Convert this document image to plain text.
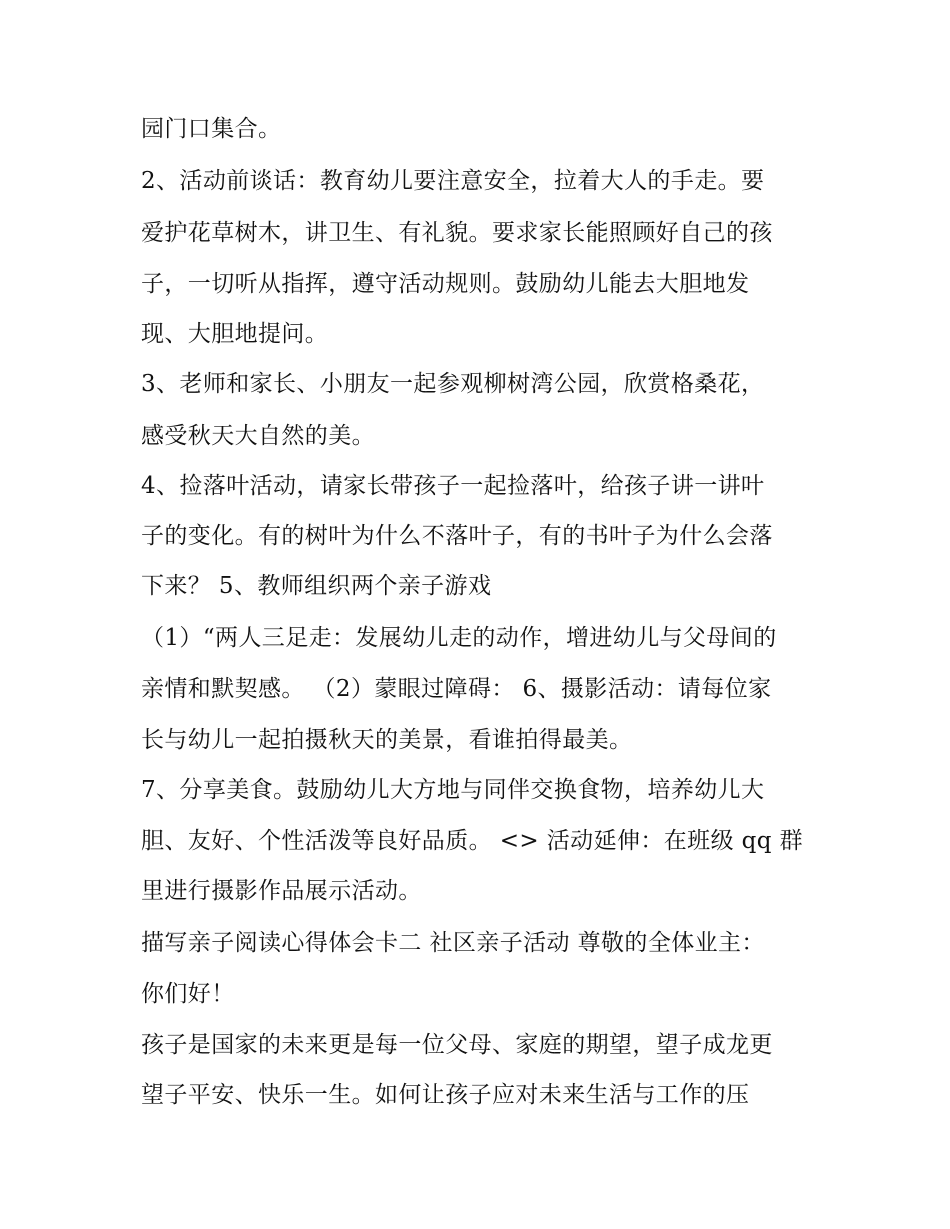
园门口集合。
2、活动前谈话：教育幼儿要注意安全，拉着大人的手走。要
爱护花草树木，讲卫生、有礼貌。要求家长能照顾好自己的孩
子，一切听从指挥，遵守活动规则。鼓励幼儿能去大胆地发
现、大胆地提问。
3、老师和家长、小朋友一起参观柳树湾公园，欣赏格桑花，
感受秋天大自然的美。
4、捡落叶活动，请家长带孩子一起捡落叶，给孩子讲一讲叶
子的变化。有的树叶为什么不落叶子，有的书叶子为什么会落
下来？ 5、教师组织两个亲子游戏
（1）“两人三足走：发展幼儿走的动作，增进幼儿与父母间的
亲情和默契感。 （2）蒙眼过障碍： 6、摄影活动：请每位家
长与幼儿一起拍摄秋天的美景，看谁拍得最美。
7、分享美食。鼓励幼儿大方地与同伴交换食物，培养幼儿大
胆、友好、个性活泼等良好品质。 <> 活动延伸：在班级 qq 群
里进行摄影作品展示活动。
描写亲子阅读心得体会卡二 社区亲子活动 尊敬的全体业主：
你们好！
孩子是国家的未来更是每一位父母、家庭的期望，望子成龙更
望子平安、快乐一生。如何让孩子应对未来生活与工作的压
